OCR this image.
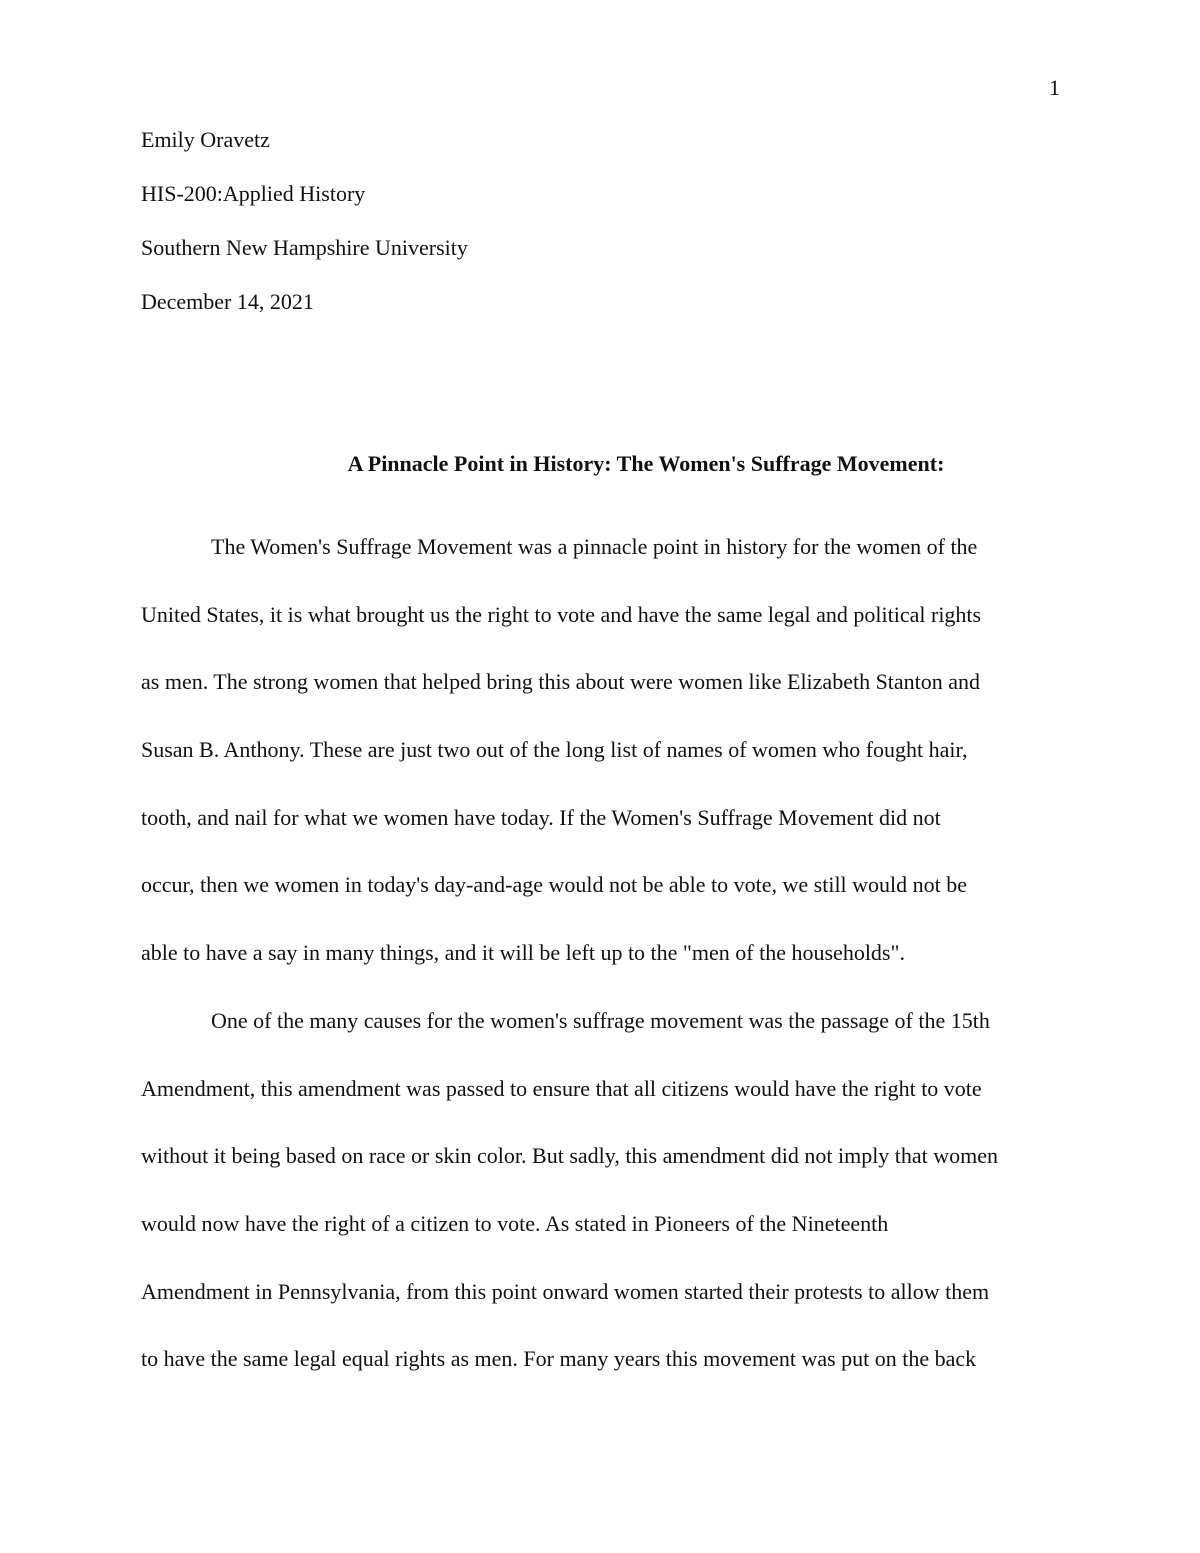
1
Emily Oravetz
HIS-200:Applied History
Southern New Hampshire University
December 14, 2021
A Pinnacle Point in History: The Women's Suffrage Movement:
The Women's Suffrage Movement was a pinnacle point in history for the women of the
United States, it is what brought us the right to vote and have the same legal and political rights
as men. The strong women that helped bring this about were women like Elizabeth Stanton and
Susan B. Anthony. These are just two out of the long list of names of women who fought hair,
tooth, and nail for what we women have today. If the Women's Suffrage Movement did not
occur, then we women in today's day-and-age would not be able to vote, we still would not be
able to have a say in many things, and it will be left up to the "men of the households".
One of the many causes for the women's suffrage movement was the passage of the 15th
Amendment, this amendment was passed to ensure that all citizens would have the right to vote
without it being based on race or skin color. But sadly, this amendment did not imply that women
would now have the right of a citizen to vote. As stated in Pioneers of the Nineteenth
Amendment in Pennsylvania, from this point onward women started their protests to allow them
to have the same legal equal rights as men. For many years this movement was put on the back
